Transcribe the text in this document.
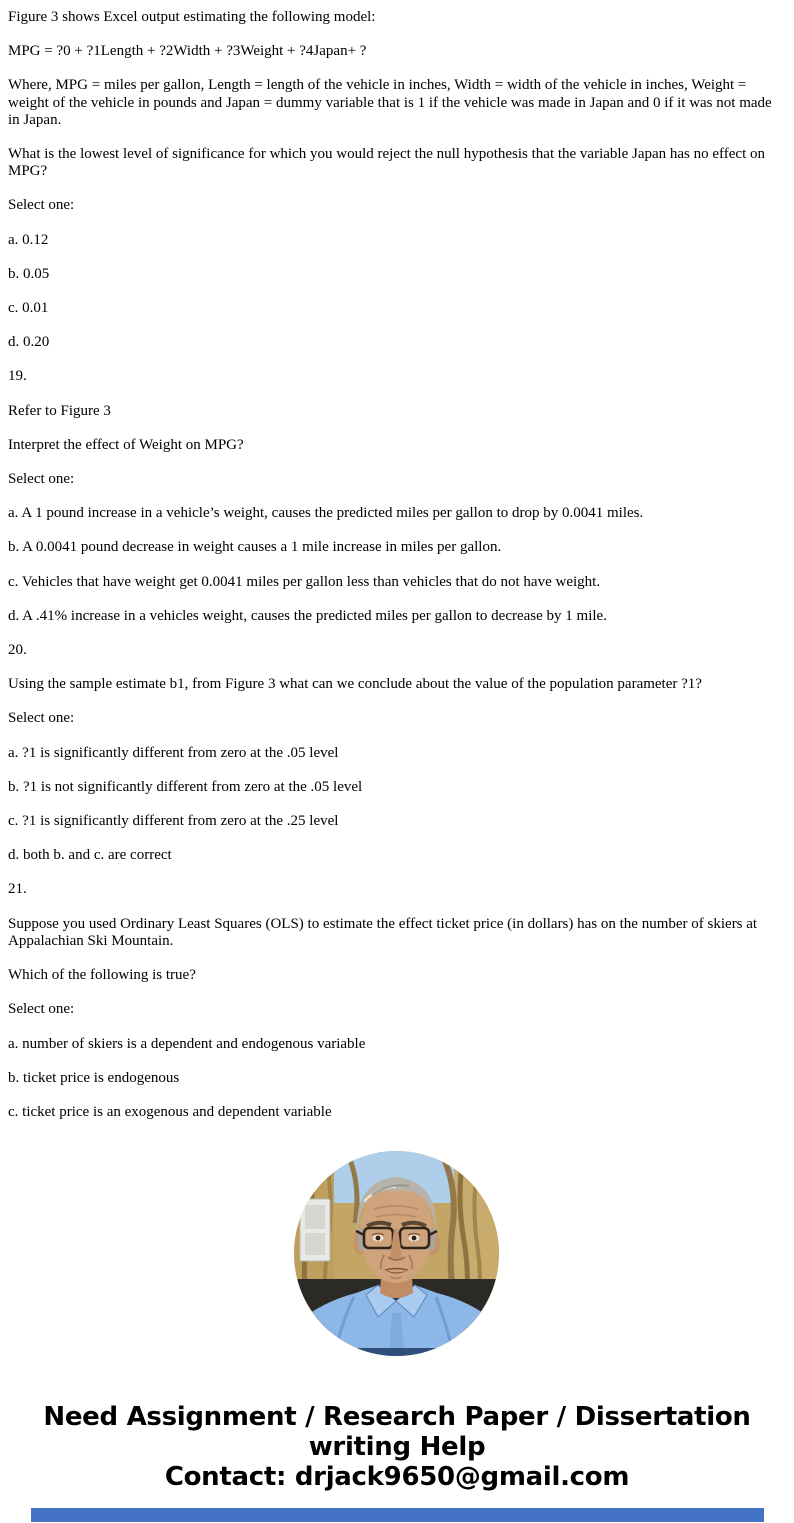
Figure 3 shows Excel output estimating the following model:

MPG = ?0 + ?1Length + ?2Width + ?3Weight + ?4Japan+ ?

Where, MPG = miles per gallon, Length = length of the vehicle in inches, Width = width of the vehicle in inches, Weight = weight of the vehicle in pounds and Japan = dummy variable that is 1 if the vehicle was made in Japan and 0 if it was not made in Japan.

What is the lowest level of significance for which you would reject the null hypothesis that the variable Japan has no effect on MPG?

Select one:

a. 0.12

b. 0.05

c. 0.01

d. 0.20

19.

Refer to Figure 3

Interpret the effect of Weight on MPG?

Select one:

a. A 1 pound increase in a vehicle’s weight, causes the predicted miles per gallon to drop by 0.0041 miles.

b. A 0.0041 pound decrease in weight causes a 1 mile increase in miles per gallon.

c. Vehicles that have weight get 0.0041 miles per gallon less than vehicles that do not have weight.

d. A .41% increase in a vehicles weight, causes the predicted miles per gallon to decrease by 1 mile.

20.

Using the sample estimate b1, from Figure 3 what can we conclude about the value of the population parameter ?1?

Select one:

a. ?1 is significantly different from zero at the .05 level

b. ?1 is not significantly different from zero at the .05 level

c. ?1 is significantly different from zero at the .25 level

d. both b. and c. are correct

21.

Suppose you used Ordinary Least Squares (OLS) to estimate the effect ticket price (in dollars) has on the number of skiers at Appalachian Ski Mountain.

Which of the following is true?

Select one:

a. number of skiers is a dependent and endogenous variable

b. ticket price is endogenous

c. ticket price is an exogenous and dependent variable

Need Assignment / Research Paper / Dissertation
writing Help
Contact: drjack9650@gmail.com
